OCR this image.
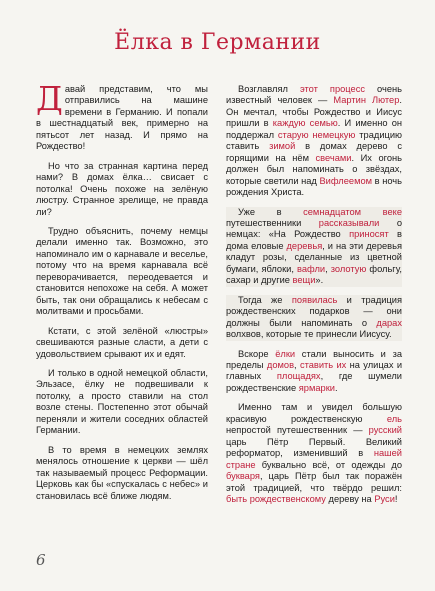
Ёлка в Германии

Давай представим, что мы отправились на машине времени в Германию. И попали в шестнадцатый век, примерно на пятьсот лет назад. И прямо на Рождество!

Но что за странная картина перед нами? В домах ёлка… свисает с потолка! Очень похоже на зелёную люстру. Странное зрелище, не правда ли?

Трудно объяснить, почему немцы делали именно так. Возможно, это напоминало им о карнавале и веселье, потому что на время карнавала всё переворачивается, переодевается и становится непохоже на себя. А может быть, так они обращались к небесам с молитвами и просьбами.

Кстати, с этой зелёной «люстры» свешиваются разные сласти, а дети с удовольствием срывают их и едят.

И только в одной немецкой области, Эльзасе, ёлку не подвешивали к потолку, а просто ставили на стол возле стены. Постепенно этот обычай переняли и жители соседних областей Германии.

В то время в немецких землях менялось отношение к церкви — шёл так называемый процесс Реформации. Церковь как бы «спускалась с небес» и становилась всё ближе людям.

Возглавлял этот процесс очень известный человек — Мартин Лютер. Он мечтал, чтобы Рождество и Иисус пришли в каждую семью. И именно он поддержал старую немецкую традицию ставить зимой в домах дерево с горящими на нём свечами. Их огонь должен был напоминать о звёздах, которые светили над Вифлеемом в ночь рождения Христа.

Уже в семнадцатом веке путешественники рассказывали о немцах: «На Рождество приносят в дома еловые деревья, и на эти деревья кладут розы, сделанные из цветной бумаги, яблоки, вафли, золотую фольгу, сахар и другие вещи».

Тогда же появилась и традиция рождественских подарков — они должны были напоминать о дарах волхвов, которые те принесли Иисусу.

Вскоре ёлки стали выносить и за пределы домов, ставить их на улицах и главных площадях, где шумели рождественские ярмарки.

Именно там и увидел большую красивую рождественскую ель непростой путешественник — русский царь Пётр Первый. Великий реформатор, изменивший в нашей стране буквально всё, от одежды до букваря, царь Пётр был так поражён этой традицией, что твёрдо решил: быть рождественскому дереву на Руси!

6
